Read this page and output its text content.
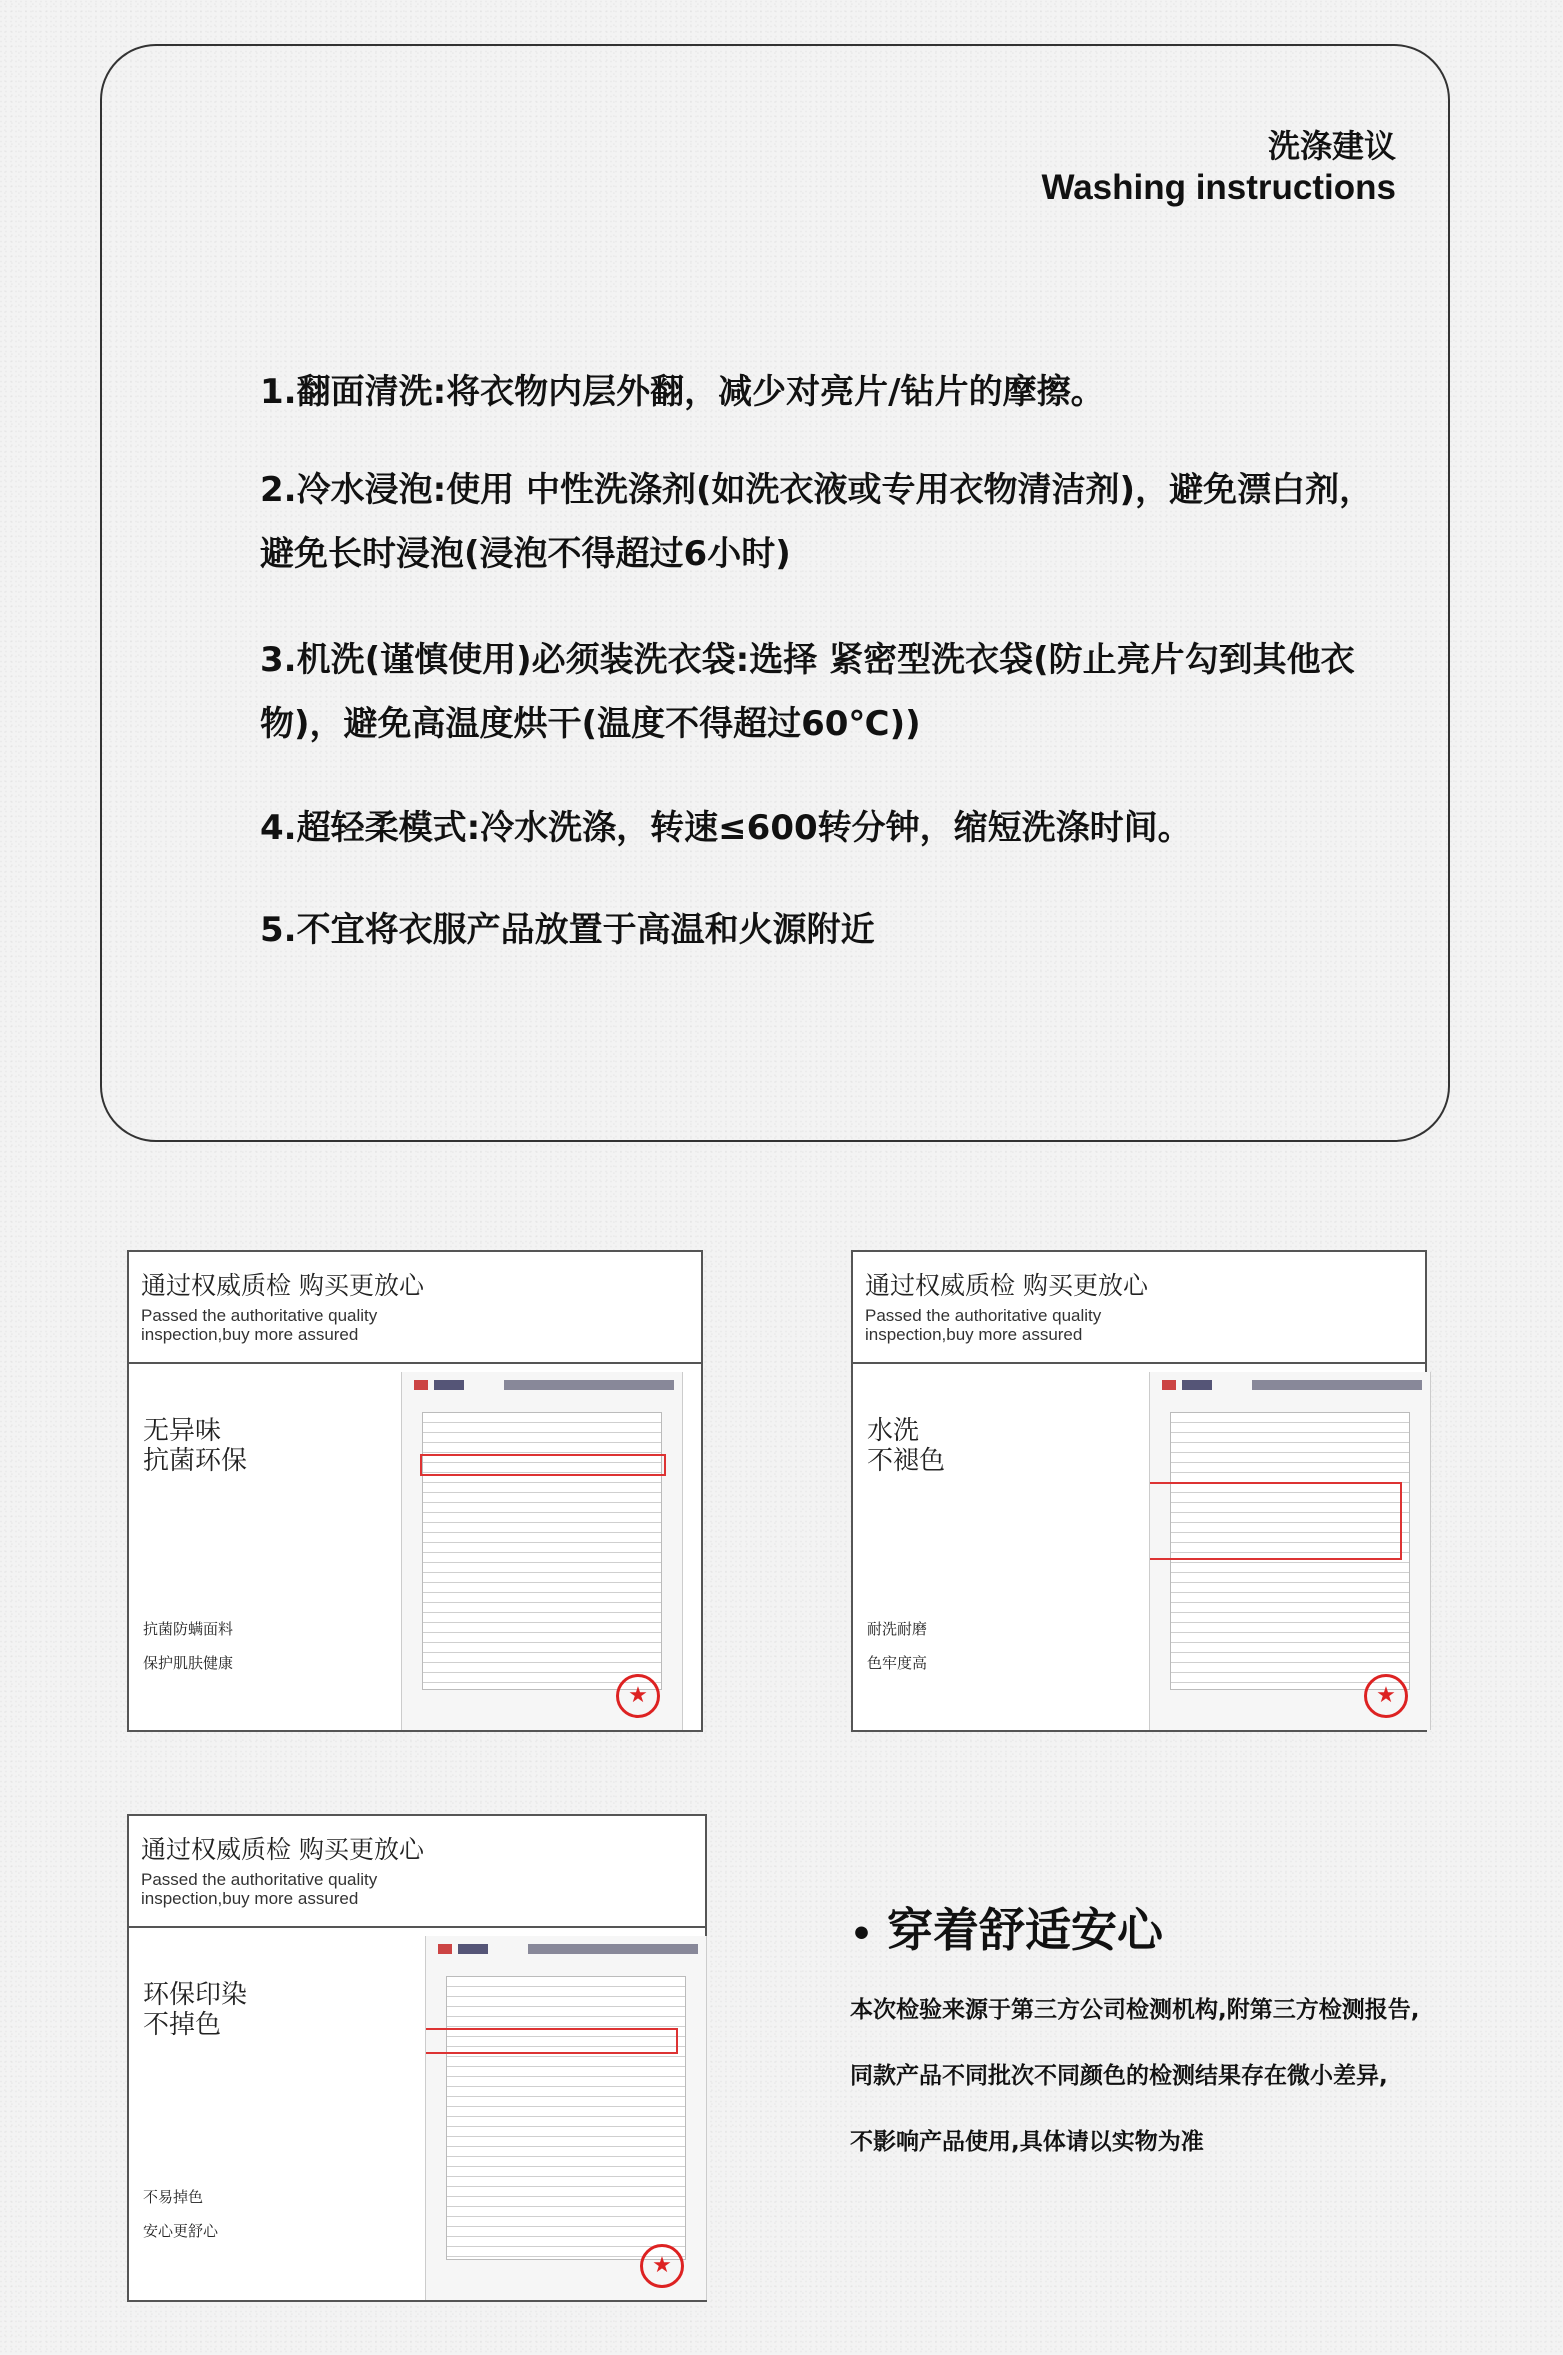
洗涤建议
Washing instructions

1.翻面清洗:将衣物内层外翻，减少对亮片/钻片的摩擦。

2.冷水浸泡:使用 中性洗涤剂(如洗衣液或专用衣物清洁剂)，避免漂白剂，避免长时浸泡(浸泡不得超过6小时)

3.机洗(谨慎使用)必须装洗衣袋:选择 紧密型洗衣袋(防止亮片勾到其他衣物)，避免高温度烘干(温度不得超过60℃))

4.超轻柔模式:冷水洗涤，转速≤600转分钟，缩短洗涤时间。

5.不宜将衣服产品放置于高温和火源附近

通过权威质检 购买更放心
Passed the authoritative quality
inspection,buy more assured
无异味
抗菌环保
抗菌防螨面料
保护肌肤健康
★
通过权威质检 购买更放心
Passed the authoritative quality
inspection,buy more assured
水洗
不褪色
耐洗耐磨
色牢度高
★
通过权威质检 购买更放心
Passed the authoritative quality
inspection,buy more assured
环保印染
不掉色
不易掉色
安心更舒心
★
• 穿着舒适安心
本次检验来源于第三方公司检测机构,附第三方检测报告,
同款产品不同批次不同颜色的检测结果存在微小差异,
不影响产品使用,具体请以实物为准
